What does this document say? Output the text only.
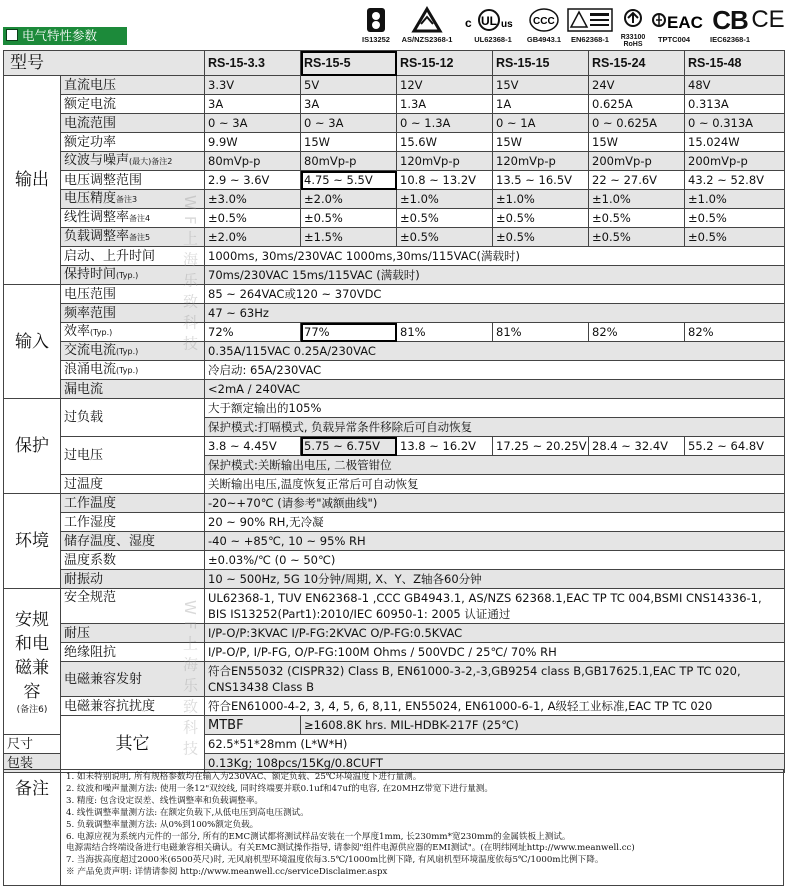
电气特性参数	IS13252	AS/NZS2368-1
c UL us
UL62368-1
CCC
GB4943.1	EN62368-1	R33100
RoHS
EAC
TPTC004
CB
IEC62368-1
CE
型号		RS-15-3.3	RS-15-5	RS-15-12	RS-15-15	RS-15-24	RS-15-48
输出	直流电压	3.3V	5V	12V	15V	24V	48V
	额定电流	3A	3A	1.3A	1A	0.625A	0.313A
	电流范围	0 ~ 3A	0 ~ 3A	0 ~ 1.3A	0 ~ 1A	0 ~ 0.625A	0 ~ 0.313A
	额定功率	9.9W	15W	15.6W	15W	15W	15.024W
	纹波与噪声(最大)备注2	80mVp-p	80mVp-p	120mVp-p	120mVp-p	200mVp-p	200mVp-p
	电压调整范围	2.9 ~ 3.6V	4.75 ~ 5.5V	10.8 ~ 13.2V	13.5 ~ 16.5V	22 ~ 27.6V	43.2 ~ 52.8V
	电压精度备注3	±3.0%	±2.0%	±1.0%	±1.0%	±1.0%	±1.0%
	线性调整率备注4	±0.5%	±0.5%	±0.5%	±0.5%	±0.5%	±0.5%
	负载调整率备注5	±2.0%	±1.5%	±0.5%	±0.5%	±0.5%	±0.5%
	启动、上升时间	1000ms, 30ms/230VAC 1000ms,30ms/115VAC(满载时)					
	保持时间(Typ.)	70ms/230VAC 15ms/115VAC (满载时)					
输入	电压范围	85 ~ 264VAC或120 ~ 370VDC					
	频率范围	47 ~ 63Hz					
	效率(Typ.)	72%	77%	81%	81%	82%	82%
	交流电流(Typ.)	0.35A/115VAC 0.25A/230VAC					
	浪涌电流(Typ.)	冷启动: 65A/230VAC					
	漏电流	<2mA / 240VAC					
保护	过负载	大于额定输出的105%					
		保护模式:打嗝模式, 负载异常条件移除后可自动恢复					
	过电压	3.8 ~ 4.45V	5.75 ~ 6.75V	13.8 ~ 16.2V	17.25 ~ 20.25V	28.4 ~ 32.4V	55.2 ~ 64.8V
		保护模式:关断输出电压, 二极管钳位					
	过温度	关断输出电压,温度恢复正常后可自动恢复					
环境	工作温度	-20~+70℃ (请参考"减额曲线")					
	工作湿度	20 ~ 90% RH,无冷凝					
	储存温度、湿度	-40 ~ +85℃, 10 ~ 95% RH					
	温度系数	±0.03%/℃ (0 ~ 50℃)					
	耐振动	10 ~ 500Hz, 5G 10分钟/周期, X、Y、Z轴各60分钟					

安规和电磁兼容
(备注6)	安全规范	UL62368-1, TUV EN62368-1 ,CCC GB4943.1, AS/NZS 62368.1,EAC TP TC 004,BSMI CNS14336-1, BIS IS13252(Part1):2010/IEC 60950-1: 2005 认证通过					
	耐压	I/P-O/P:3KVAC I/P-FG:2KVAC O/P-FG:0.5KVAC					
	绝缘阻抗	I/P-O/P, I/P-FG, O/P-FG:100M Ohms / 500VDC / 25℃/ 70% RH					
	电磁兼容发射	符合EN55032 (CISPR32) Class B, EN61000-3-2,-3,GB9254 class B,GB17625.1,EAC TP TC 020, CNS13438 Class B					
	电磁兼容抗扰度	符合EN61000-4-2, 3, 4, 5, 6, 8,11, EN55024, EN61000-6-1, A级轻工业标准,EAC TP TC 020					
	其它	MTBF	≥1608.8K hrs. MIL-HDBK-217F (25℃)				
尺寸		62.5*51*28mm (L*W*H)					
包装		0.13Kg; 108pcs/15Kg/0.8CUFT					
备注
1. 如未特别说明, 所有规格参数均在输入为230VAC、额定负载、25℃环境温度下进行量测。
2. 纹波和噪声量测方法: 使用一条12"双绞线, 同时终端要并联0.1uf和47uf的电容, 在20MHZ带宽下进行量测。
3. 精度: 包含设定误差、线性调整率和负载调整率。
4. 线性调整率量测方法: 在额定负载下,从低电压到高电压测试。
5. 负载调整率量测方法: 从0%到100%额定负载。
6. 电源应视为系统内元件的一部分, 所有的EMC测试都将测试样品安装在一个厚度1mm, 长230mm*宽230mm的金属铁板上测试。
电源需结合终端设备进行电磁兼容相关确认。有关EMC测试操作指导, 请参阅"组件电源供应器的EMI测试"。(在明纬网址http://www.meanwell.cc)
7. 当海拔高度超过2000米(6500英尺)时, 无风扇机型环境温度依每3.5℃/1000m比例下降, 有风扇机型环境温度依每5℃/1000m比例下降。
※ 产品免责声明: 详情请参阅 http://www.meanwell.cc/serviceDisclaimer.aspx
WF上海乐致科技
WF上海乐致科技
